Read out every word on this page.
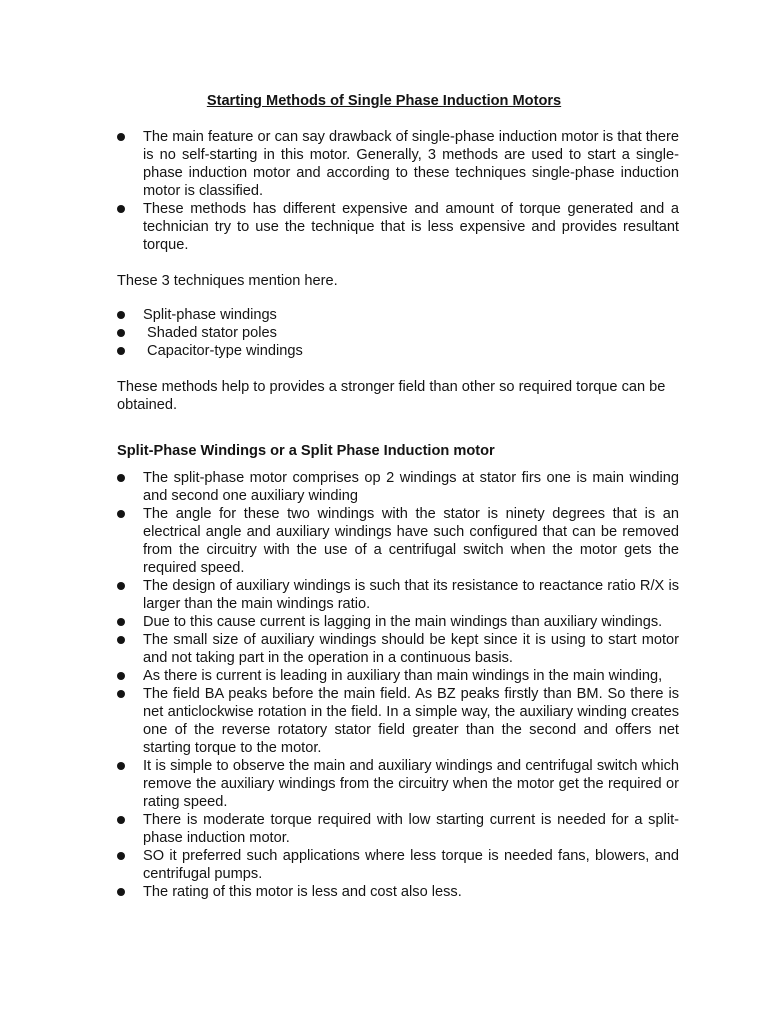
Starting Methods of Single Phase Induction Motors
The main feature or can say drawback of single-phase induction motor is that there is no self-starting in this motor. Generally, 3 methods are used to start a single-phase induction motor and according to these techniques single-phase induction motor is classified.
These methods has different expensive and amount of torque generated and a technician try to use the technique that is less expensive and provides resultant torque.
These 3 techniques mention here.
Split-phase windings
Shaded stator poles
Capacitor-type windings
These methods help to provides a stronger field than other so required torque can be obtained.
Split-Phase Windings or a Split Phase Induction motor
The split-phase motor comprises op 2 windings at stator firs one is main winding and second one auxiliary winding
The angle for these two windings with the stator is ninety degrees that is an electrical angle and auxiliary windings have such configured that can be removed from the circuitry with the use of a centrifugal switch when the motor gets the required speed.
The design of auxiliary windings is such that its resistance to reactance ratio R/X is larger than the main windings ratio.
Due to this cause current is lagging in the main windings than auxiliary windings.
The small size of auxiliary windings should be kept since it is using to start motor and not taking part in the operation in a continuous basis.
As there is current is leading in auxiliary than main windings in the main winding,
The field BA peaks before the main field. As BZ peaks firstly than BM. So there is net anticlockwise rotation in the field. In a simple way, the auxiliary winding creates one of the reverse rotatory stator field greater than the second and offers net starting torque to the motor.
It is simple to observe the main and auxiliary windings and centrifugal switch which remove the auxiliary windings from the circuitry when the motor get the required or rating speed.
There is moderate torque required with low starting current is needed for a split-phase induction motor.
SO it preferred such applications where less torque is needed fans, blowers, and centrifugal pumps.
The rating of this motor is less and cost also less.
